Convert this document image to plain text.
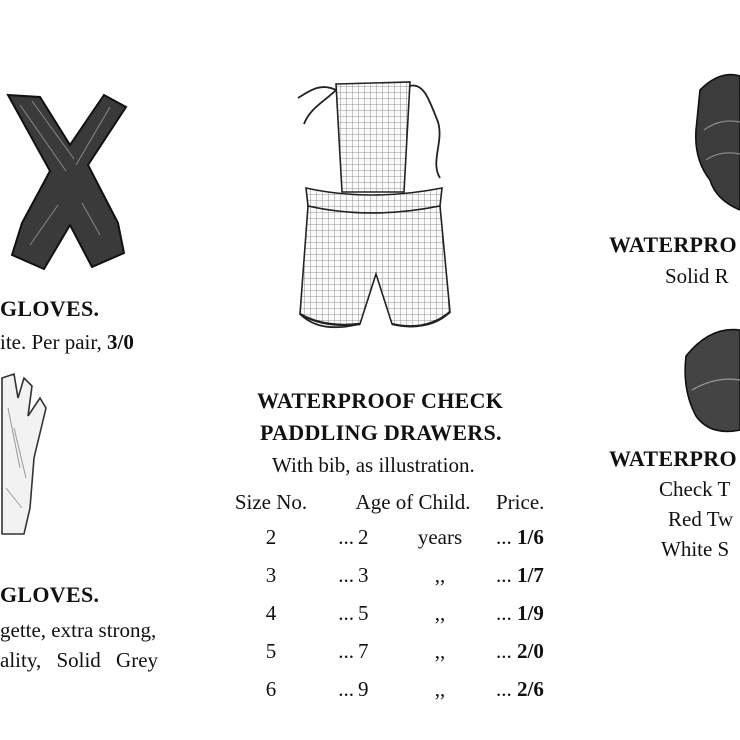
GLOVES.
ite. Per pair, 3/0
GLOVES.
gette, extra strong,
ality, Solid Grey
WATERPROOF CHECK
PADDLING DRAWERS.
With bib, as illustration.
Size No.	Age of Child.			Price.
2	...	2	years	... 1/6
3	...	3	,,	... 1/7
4	...	5	,,	... 1/9
5	...	7	,,	... 2/0
6	...	9	,,	... 2/6
WATERPRO
Solid R
WATERPRO
Check T
Red Tw
White S
